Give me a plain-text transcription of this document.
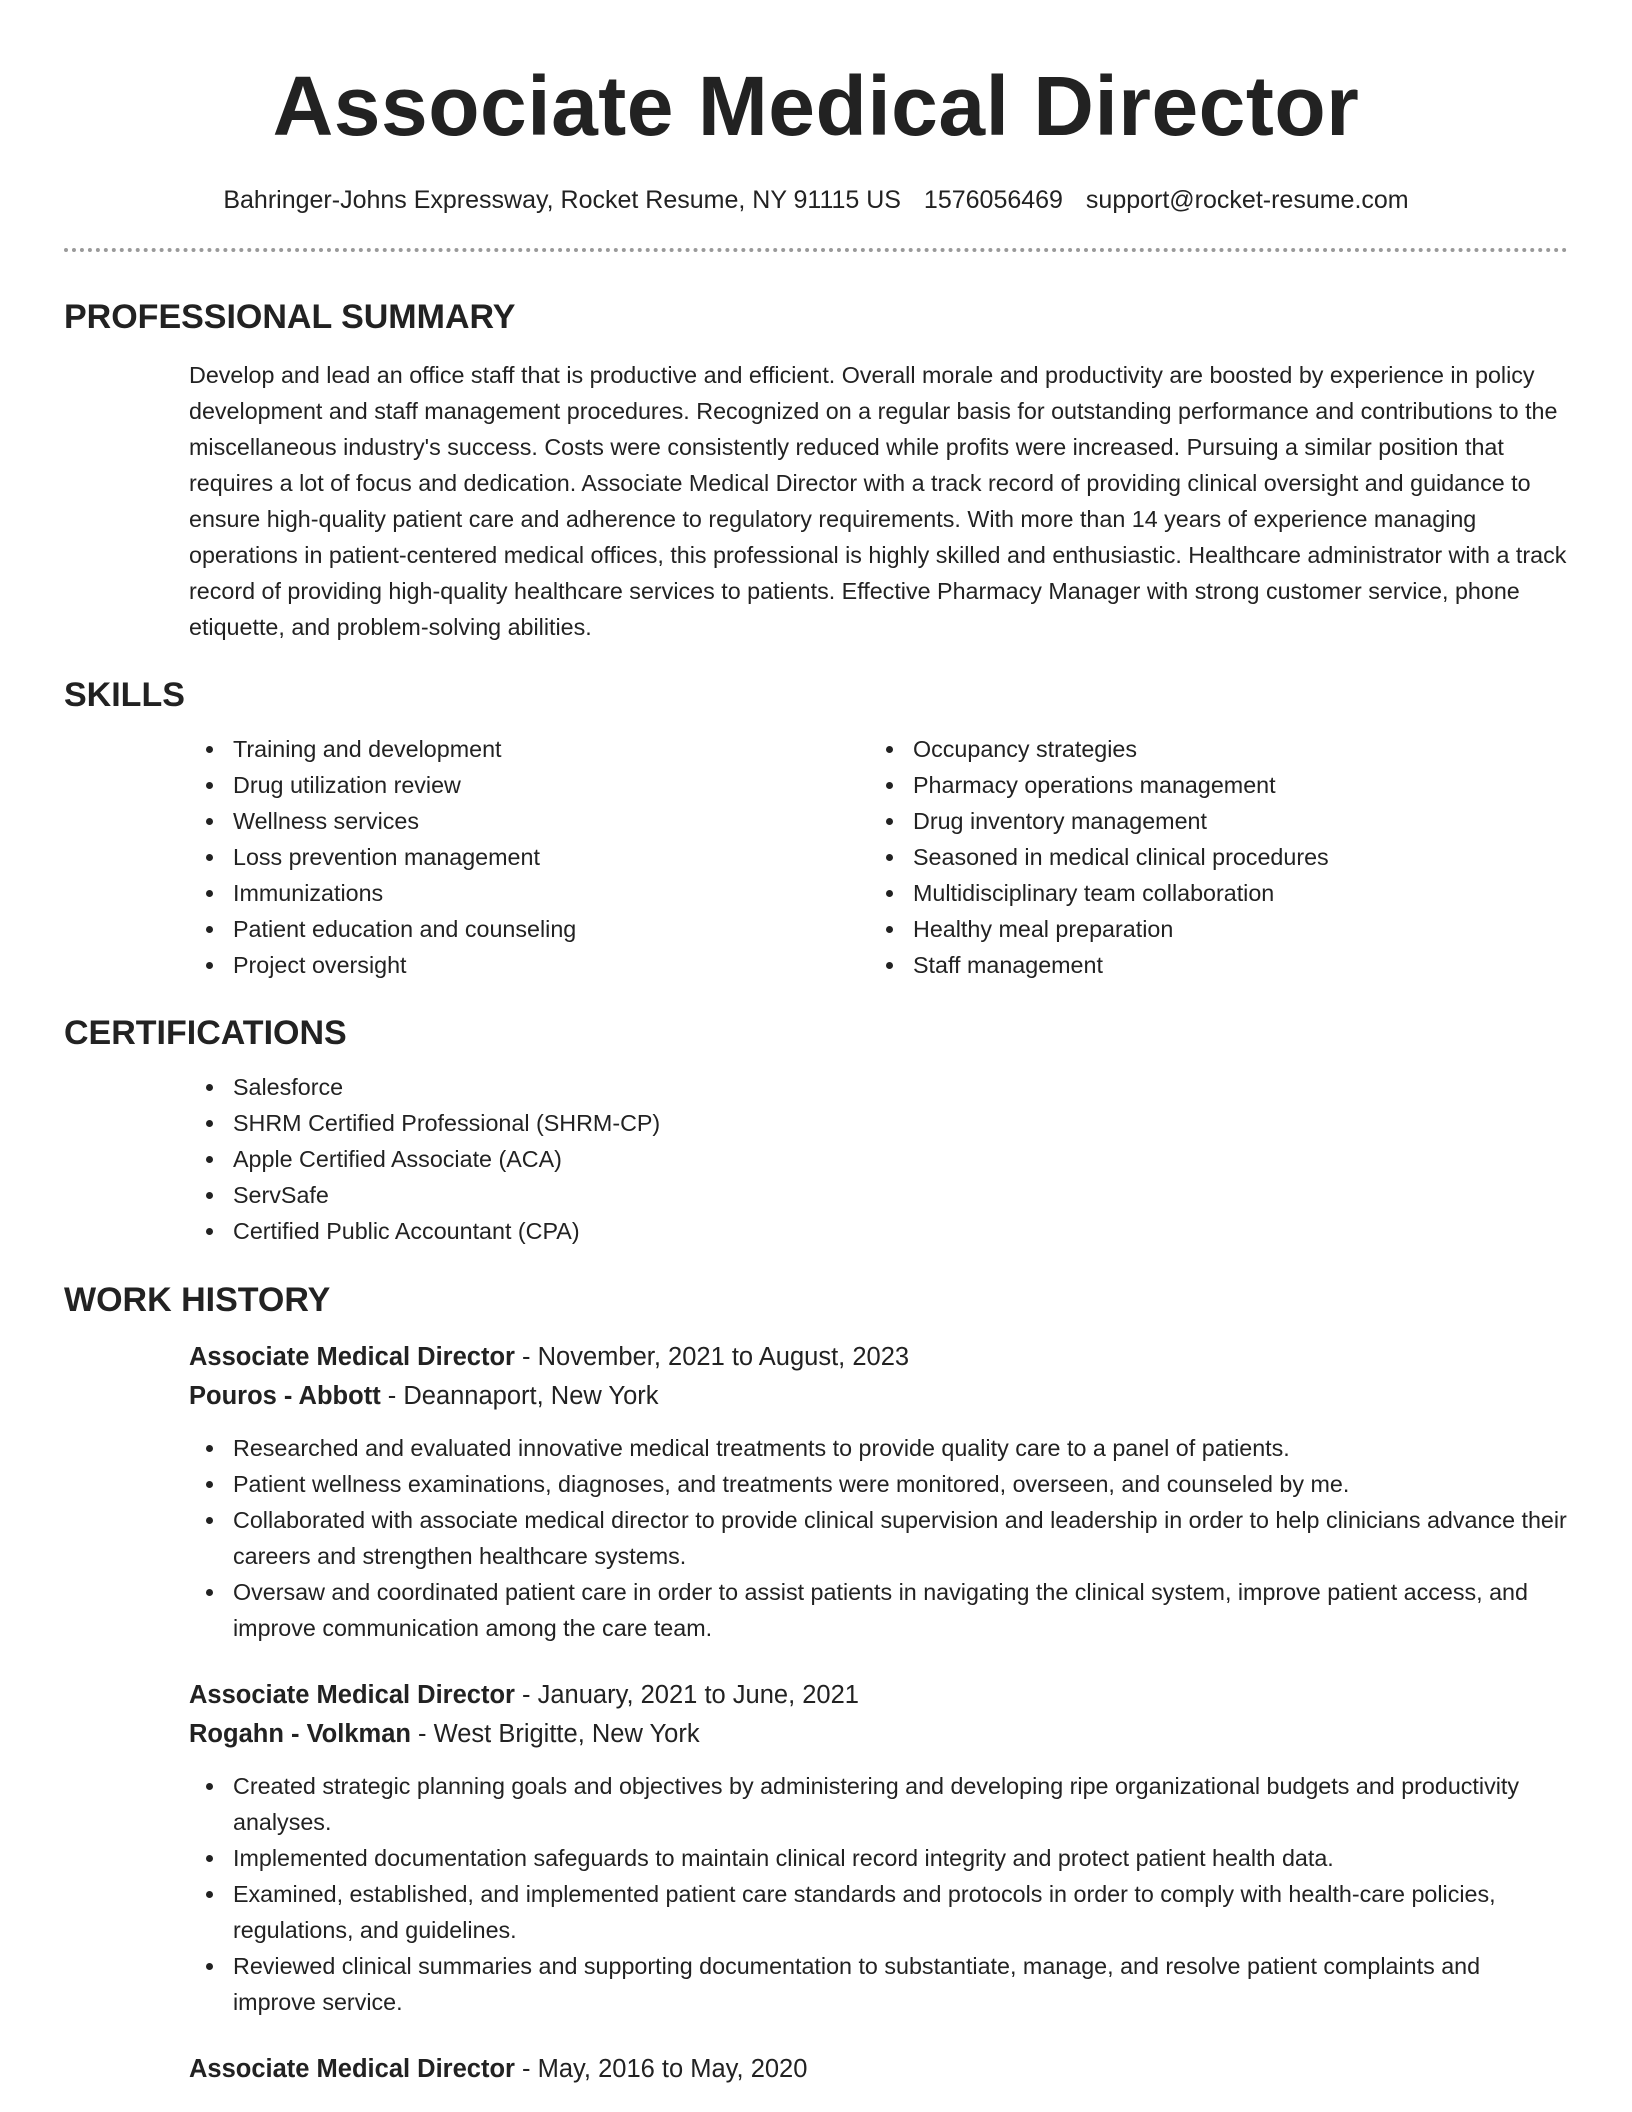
Associate Medical Director
Bahringer-Johns Expressway, Rocket Resume, NY 91115 US 1576056469 support@rocket-resume.com
PROFESSIONAL SUMMARY

Develop and lead an office staff that is productive and efficient. Overall morale and productivity are boosted by experience in policy development and staff management procedures. Recognized on a regular basis for outstanding performance and contributions to the miscellaneous industry's success. Costs were consistently reduced while profits were increased. Pursuing a similar position that requires a lot of focus and dedication. Associate Medical Director with a track record of providing clinical oversight and guidance to ensure high-quality patient care and adherence to regulatory requirements. With more than 14 years of experience managing operations in patient-centered medical offices, this professional is highly skilled and enthusiastic. Healthcare administrator with a track record of providing high-quality healthcare services to patients. Effective Pharmacy Manager with strong customer service, phone etiquette, and problem-solving abilities.

SKILLS
Training and development
Drug utilization review
Wellness services
Loss prevention management
Immunizations
Patient education and counseling
Project oversight
Occupancy strategies
Pharmacy operations management
Drug inventory management
Seasoned in medical clinical procedures
Multidisciplinary team collaboration
Healthy meal preparation
Staff management
CERTIFICATIONS
Salesforce
SHRM Certified Professional (SHRM-CP)
Apple Certified Associate (ACA)
ServSafe
Certified Public Accountant (CPA)
WORK HISTORY
Associate Medical Director - November, 2021 to August, 2023
Pouros - Abbott - Deannaport, New York
Researched and evaluated innovative medical treatments to provide quality care to a panel of patients.
Patient wellness examinations, diagnoses, and treatments were monitored, overseen, and counseled by me.
Collaborated with associate medical director to provide clinical supervision and leadership in order to help clinicians advance their careers and strengthen healthcare systems.
Oversaw and coordinated patient care in order to assist patients in navigating the clinical system, improve patient access, and improve communication among the care team.
Associate Medical Director - January, 2021 to June, 2021
Rogahn - Volkman - West Brigitte, New York
Created strategic planning goals and objectives by administering and developing ripe organizational budgets and productivity analyses.
Implemented documentation safeguards to maintain clinical record integrity and protect patient health data.
Examined, established, and implemented patient care standards and protocols in order to comply with health-care policies, regulations, and guidelines.
Reviewed clinical summaries and supporting documentation to substantiate, manage, and resolve patient complaints and improve service.
Associate Medical Director - May, 2016 to May, 2020
